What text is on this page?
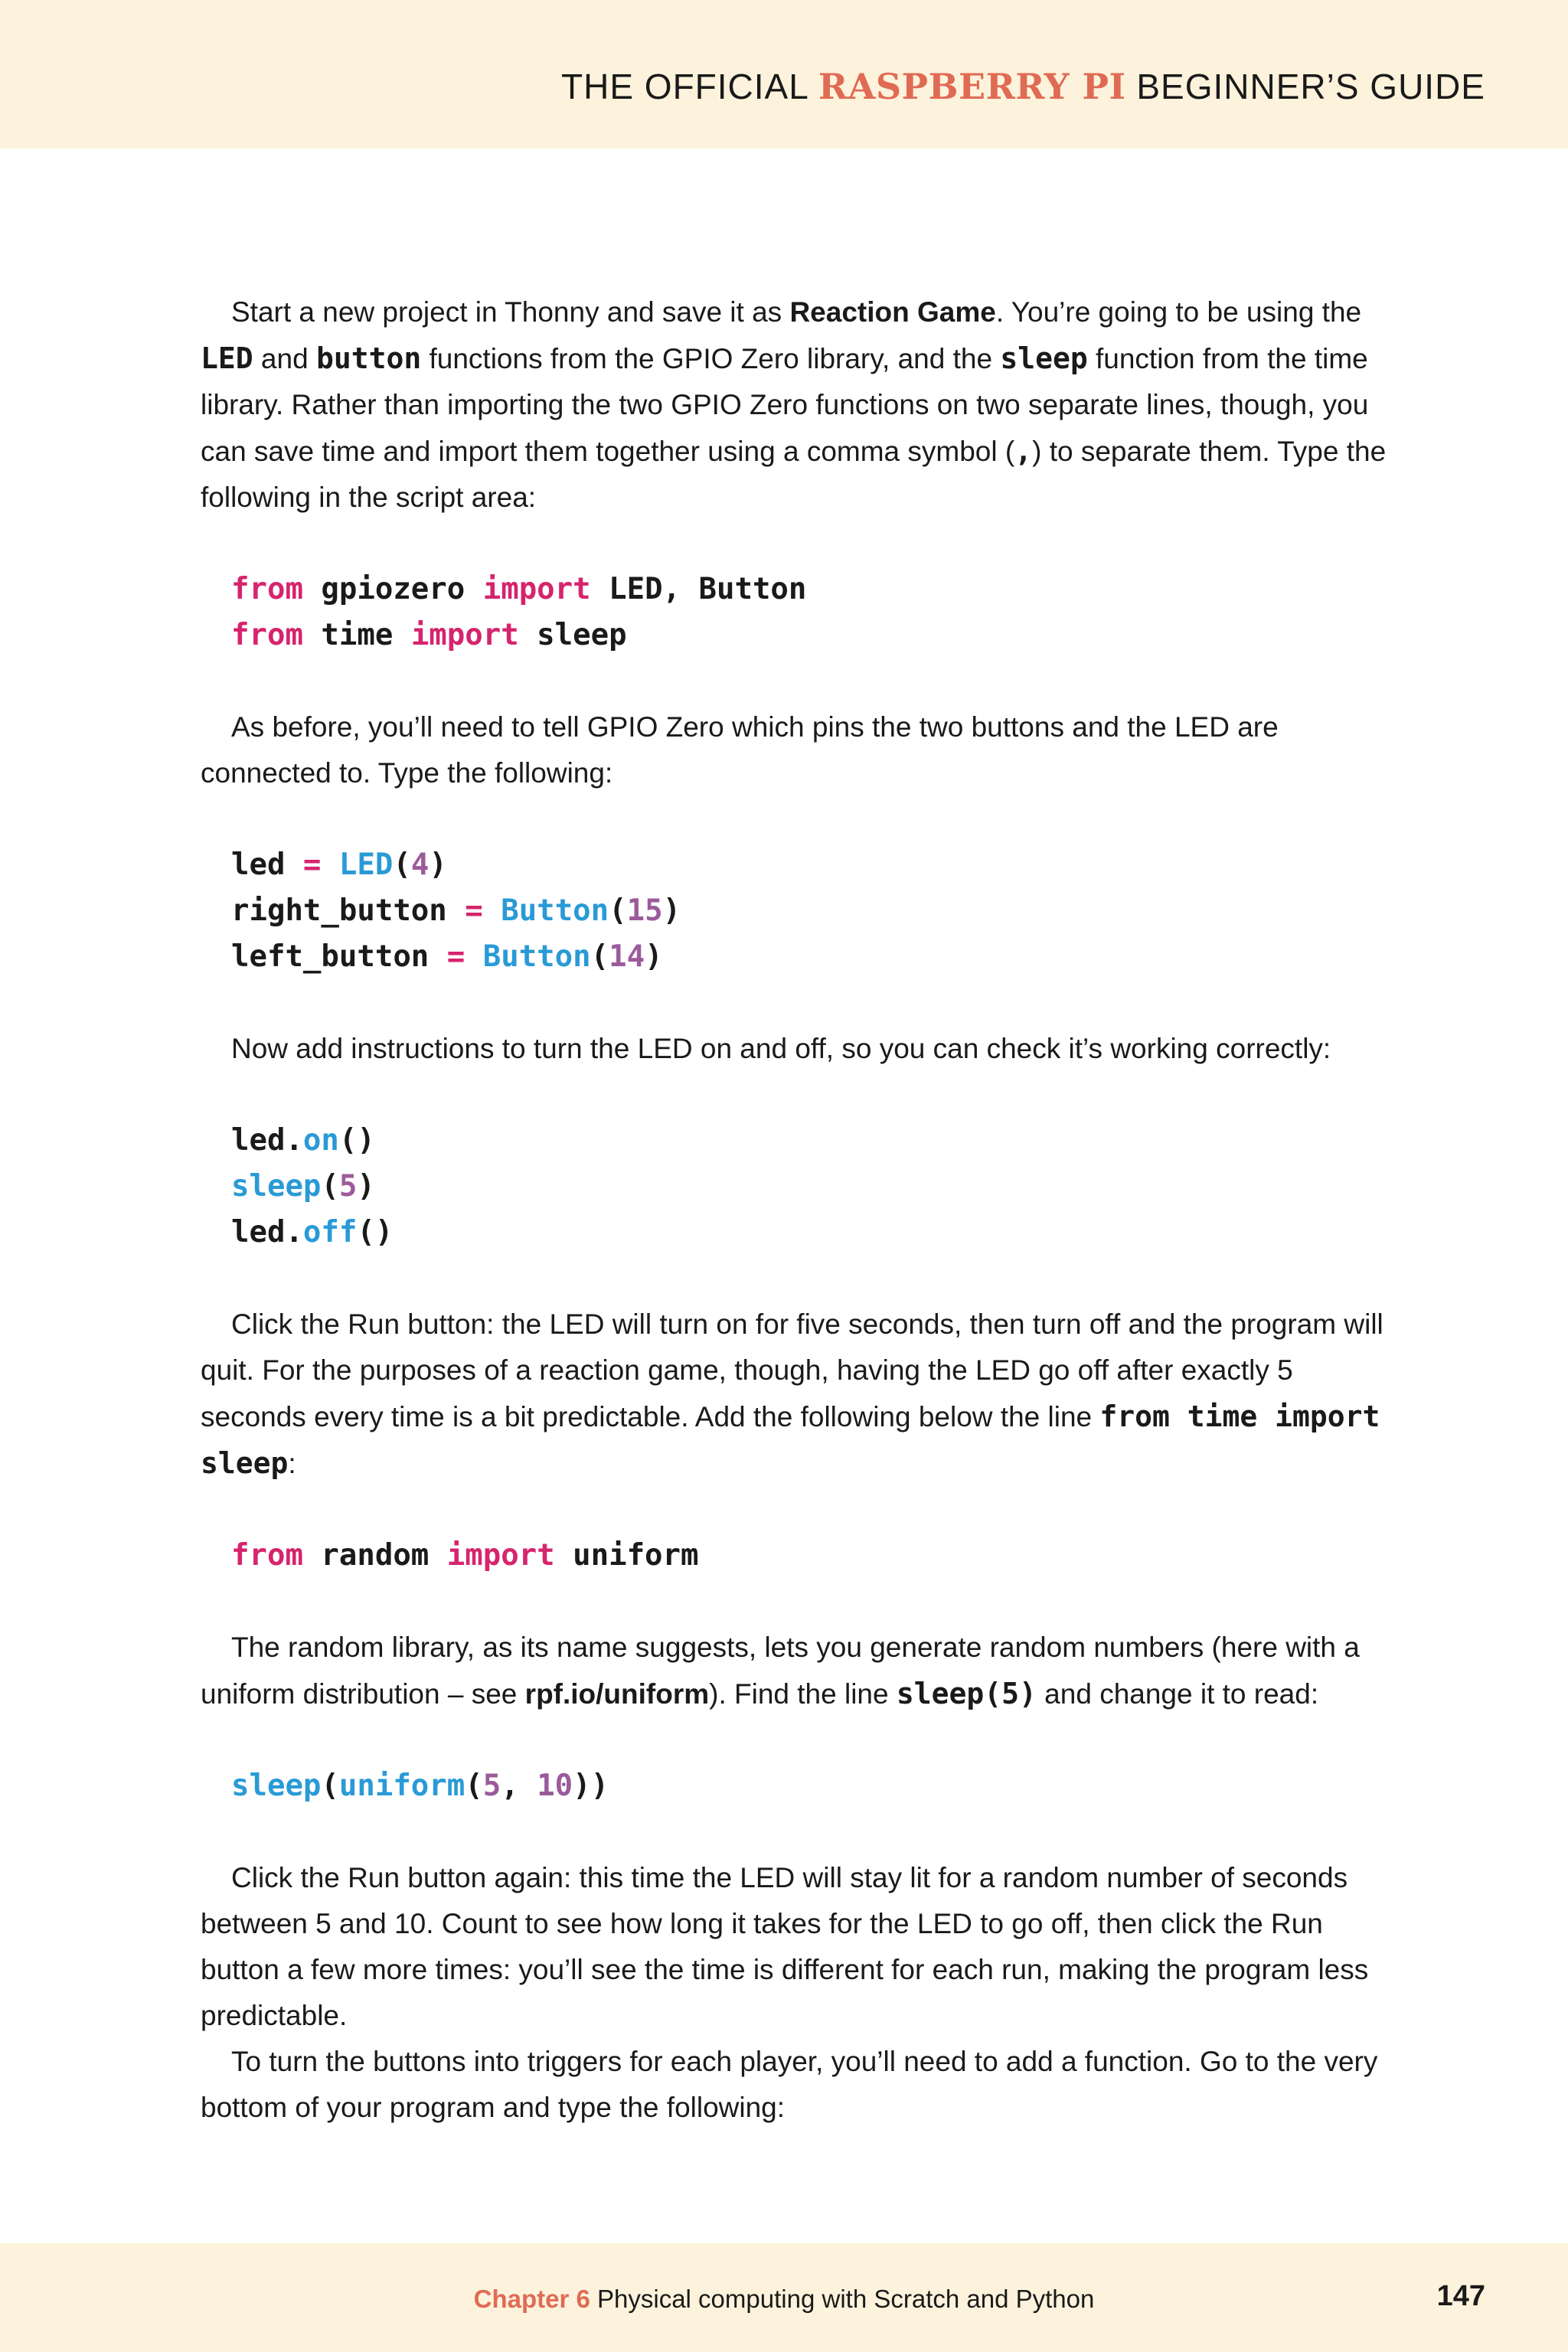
THE OFFICIAL RASPBERRY PI BEGINNER’S GUIDE

Start a new project in Thonny and save it as Reaction Game. You’re going to be using the LED and button functions from the GPIO Zero library, and the sleep function from the time library. Rather than importing the two GPIO Zero functions on two separate lines, though, you can save time and import them together using a comma symbol (,) to separate them. Type the following in the script area:

from gpiozero import LED, Button
from time import sleep

As before, you’ll need to tell GPIO Zero which pins the two buttons and the LED are connected to. Type the following:

led = LED(4)
right_button = Button(15)
left_button = Button(14)

Now add instructions to turn the LED on and off, so you can check it’s working correctly:

led.on()
sleep(5)
led.off()

Click the Run button: the LED will turn on for five seconds, then turn off and the program will quit. For the purposes of a reaction game, though, having the LED go off after exactly 5 seconds every time is a bit predictable. Add the following below the line from time import sleep:

from random import uniform

The random library, as its name suggests, lets you generate random numbers (here with a uniform distribution – see rpf.io/uniform). Find the line sleep(5) and change it to read:

sleep(uniform(5, 10))

Click the Run button again: this time the LED will stay lit for a random number of seconds between 5 and 10. Count to see how long it takes for the LED to go off, then click the Run button a few more times: you’ll see the time is different for each run, making the program less predictable.

To turn the buttons into triggers for each player, you’ll need to add a function. Go to the very bottom of your program and type the following:

Chapter 6 Physical computing with Scratch and Python	147
